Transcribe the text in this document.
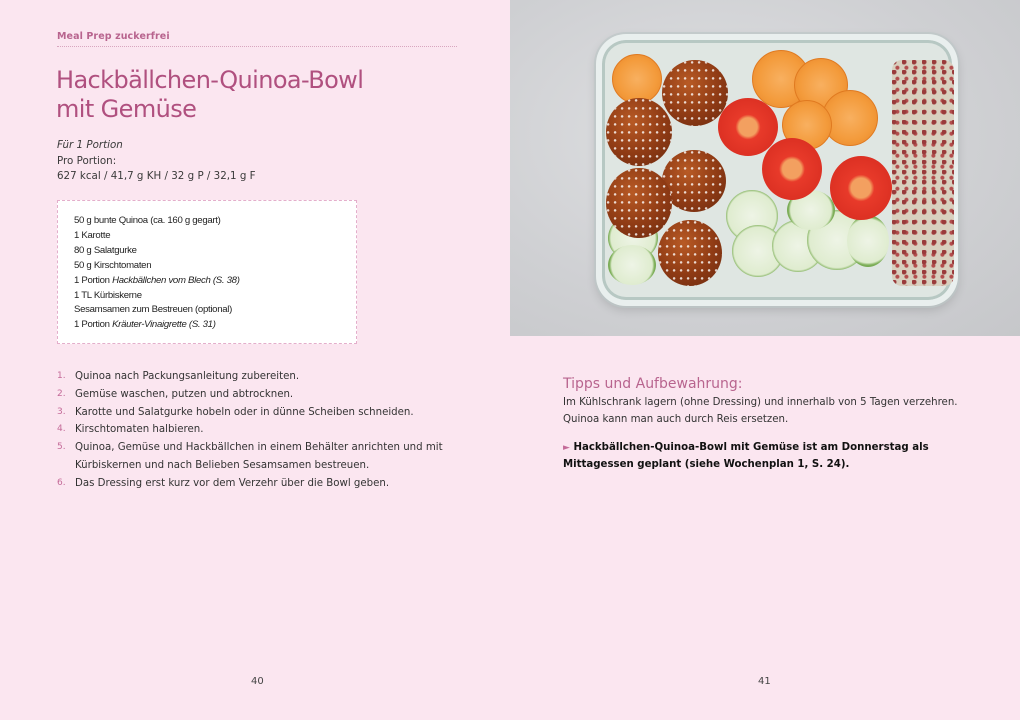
Meal Prep zuckerfrei
Hackbällchen-Quinoa-Bowl
mit Gemüse
Für 1 Portion
Pro Portion:
627 kcal / 41,7 g KH / 32 g P / 32,1 g F
50 g bunte Quinoa (ca. 160 g gegart)
1 Karotte
80 g Salatgurke
50 g Kirschtomaten
1 Portion Hackbällchen vom Blech (S. 38)
1 TL Kürbiskerne
Sesamsamen zum Bestreuen (optional)
1 Portion Kräuter-Vinaigrette (S. 31)
1. Quinoa nach Packungsanleitung zubereiten.
2. Gemüse waschen, putzen und abtrocknen.
3. Karotte und Salatgurke hobeln oder in dünne Scheiben schneiden.
4. Kirschtomaten halbieren.
5. Quinoa, Gemüse und Hackbällchen in einem Behälter anrichten und mit Kürbiskernen und nach Belieben Sesamsamen bestreuen.
6. Das Dressing erst kurz vor dem Verzehr über die Bowl geben.
40
Tipps und Aufbewahrung:
Im Kühlschrank lagern (ohne Dressing) und innerhalb von 5 Tagen verzehren. Quinoa kann man auch durch Reis ersetzen.
► Hackbällchen-Quinoa-Bowl mit Gemüse ist am Donnerstag als Mittagessen geplant (siehe Wochenplan 1, S. 24).
41
